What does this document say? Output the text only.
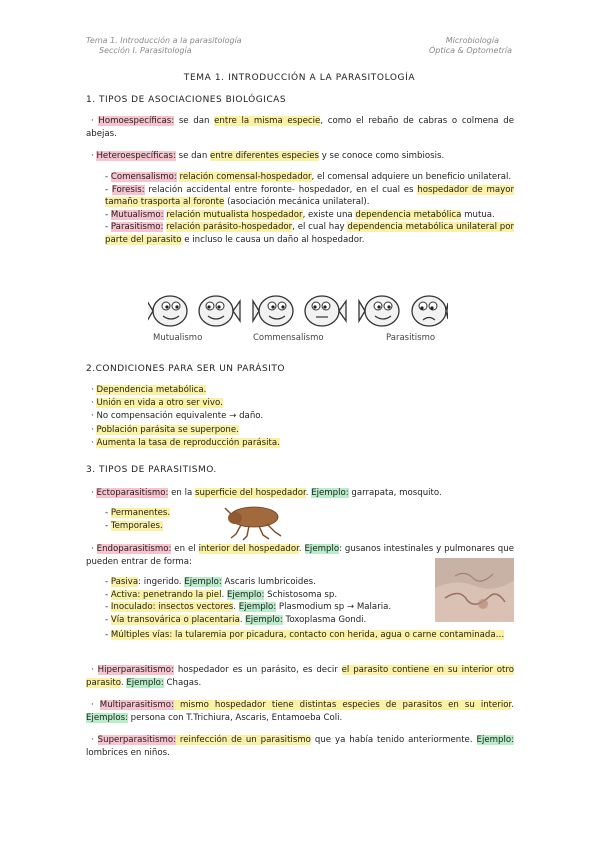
Tema 1. Introducción a la parasitología
Sección I. Parasitología
Microbiología
Óptica & Optometría
TEMA 1. INTRODUCCIÓN A LA PARASITOLOGÍA
1. TIPOS DE ASOCIACIONES BIOLÓGICAS
· Homoespecíficas: se dan entre la misma especie, como el rebaño de cabras o colmena de abejas.
· Heteroespecíficas: se dan entre diferentes especies y se conoce como simbiosis.
- Comensalismo: relación comensal-hospedador, el comensal adquiere un beneficio unilateral.
- Foresis: relación accidental entre foronte- hospedador, en el cual es hospedador de mayor tamaño trasporta al foronte (asociación mecánica unilateral).
- Mutualismo: relación mutualista hospedador, existe una dependencia metabólica mutua.
- Parasitismo: relación parásito-hospedador, el cual hay dependencia metabólica unilateral por parte del parasito e incluso le causa un daño al hospedador.
Mutualismo	Commensalismo	Parasitismo
2.CONDICIONES PARA SER UN PARÁSITO
· Dependencia metabólica.
· Unión en vida a otro ser vivo.
· No compensación equivalente → daño.
· Población parásita se superpone.
· Aumenta la tasa de reproducción parásita.
3. TIPOS DE PARASITISMO.
· Ectoparasitismo: en la superficie del hospedador. Ejemplo: garrapata, mosquito.
- Permanentes.
- Temporales.
· Endoparasitismo: en el interior del hospedador. Ejemplo: gusanos intestinales y pulmonares que pueden entrar de forma:
- Pasiva: ingerido. Ejemplo: Ascaris lumbricoides.
- Activa: penetrando la piel. Ejemplo: Schistosoma sp.
- Inoculado: insectos vectores. Ejemplo: Plasmodium sp → Malaria.
- Vía transovárica o placentaria. Ejemplo: Toxoplasma Gondi.
- Múltiples vías: la tularemia por picadura, contacto con herida, agua o carne contaminada…
· Hiperparasitismo: hospedador es un parásito, es decir el parasito contiene en su interior otro parasito. Ejemplo: Chagas.
· Multiparasitismo: mismo hospedador tiene distintas especies de parasitos en su interior. Ejemplos: persona con T.Trichiura, Ascaris, Entamoeba Coli.
· Superparasitismo: reinfección de un parasitismo que ya había tenido anteriormente. Ejemplo: lombrices en niños.
